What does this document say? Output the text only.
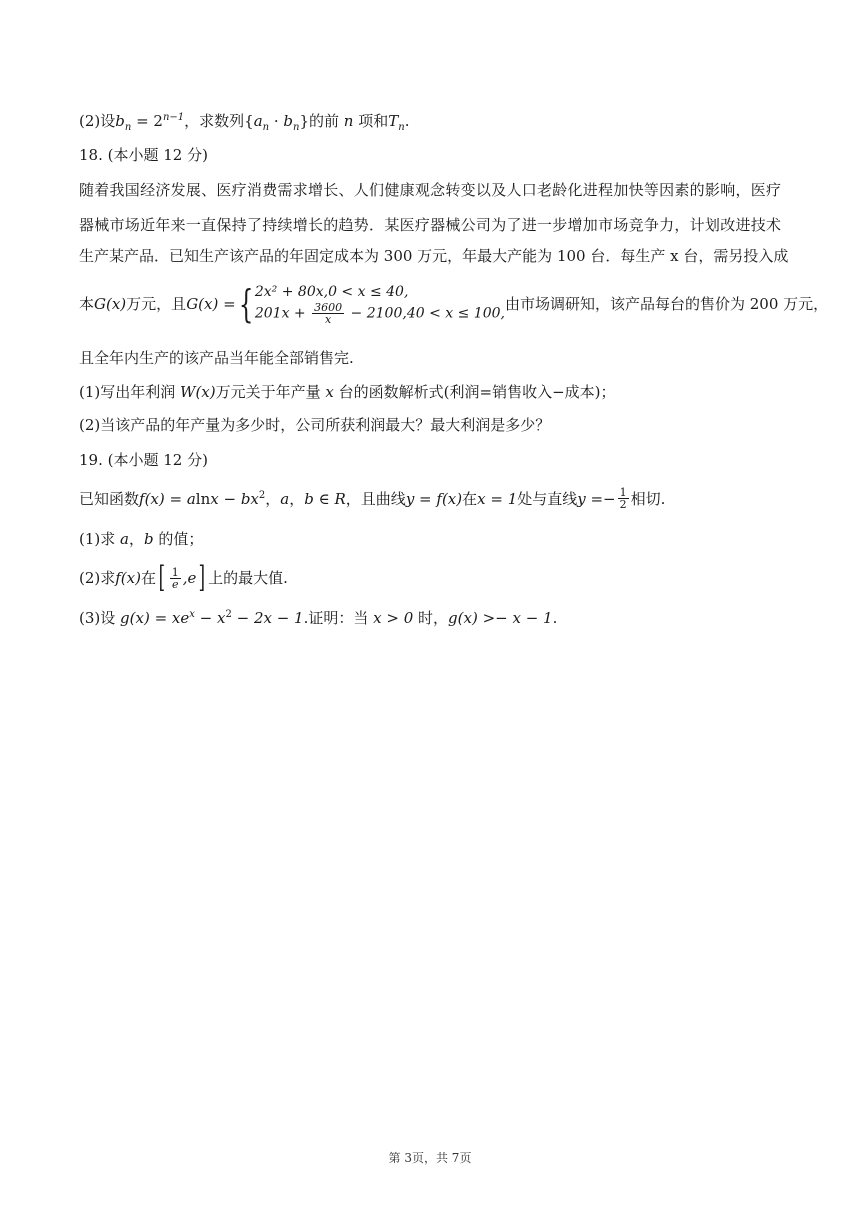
(2)设$b_n = 2^{n-1}$，求数列$\{a_n \cdot b_n\}$的前 n 项和$T_n$.
18. (本小题 12 分)
随着我国经济发展、医疗消费需求增长、人们健康观念转变以及人口老龄化进程加快等因素的影响，医疗
器械市场近年来一直保持了持续增长的趋势．某医疗器械公司为了进一步增加市场竞争力，计划改进技术
生产某产品．已知生产该产品的年固定成本为 300 万元，年最大产能为 100 台．每生产 x 台，需另投入成
本G(x)万元，且G(x) ={ 2x² + 80x,0 < x ≤ 40,
$201x + \frac{3600}{x} - 2100,40 < x \le 100$,
由市场调研知，该产品每台的售价为 200 万元，
且全年内生产的该产品当年能全部销售完.
(1)写出年利润 W(x)万元关于年产量 x 台的函数解析式(利润=销售收入−成本)；
(2)当该产品的年产量为多少时，公司所获利润最大？最大利润是多少？
19. (本小题 12 分)
已知函数$f(x) = alnx - bx^2$，a，b ∈ R，且曲线y = f(x)在x = 1处与直线$y =- \frac{1}{2}$ 相切.
(1)求 a，b 的值；
(2)求f(x)在[ $\frac{1}{e} ,e$] 上的最大值.
(3)设 $g(x) = xe^x - x^2 - 2x - 1$.证明：当 x > 0 时，g(x) >− x − 1.
第 3页，共 7页
